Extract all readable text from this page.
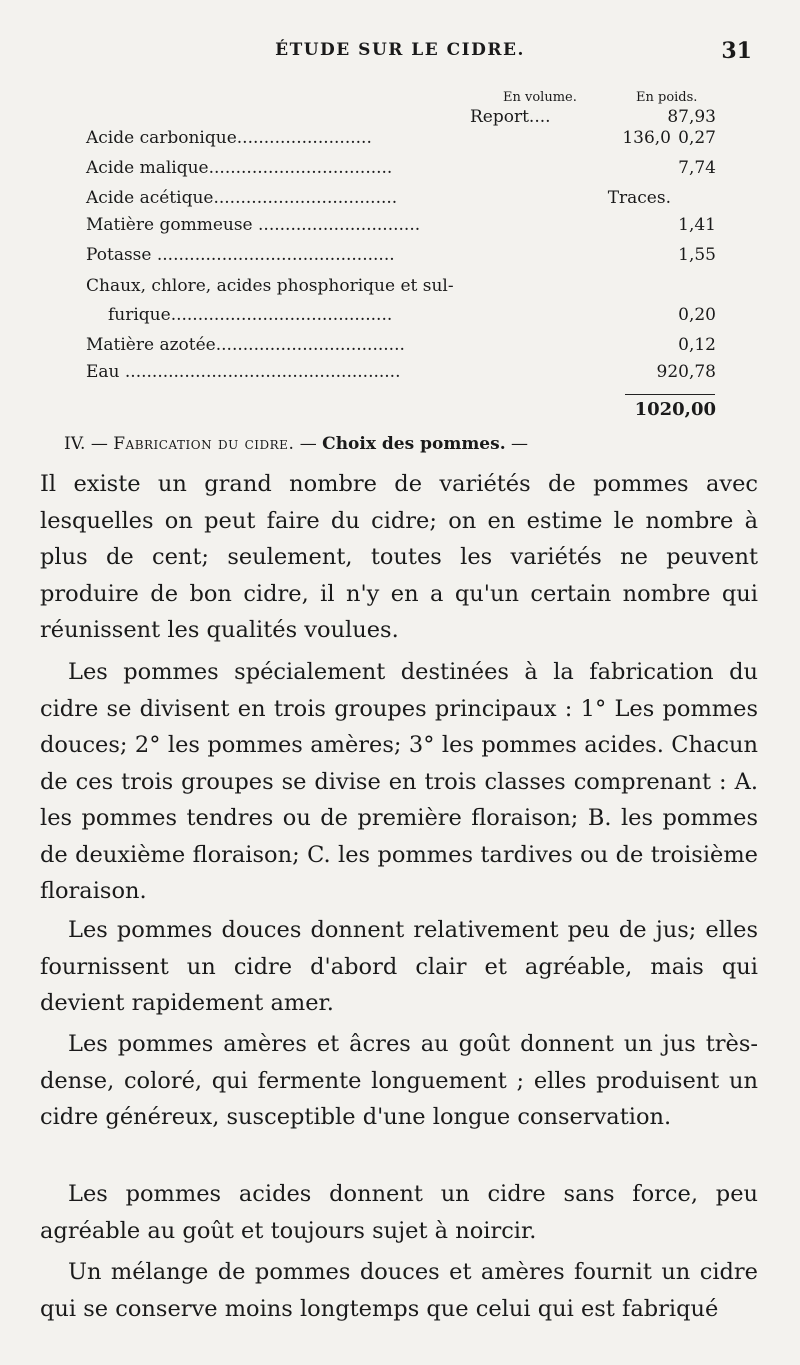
ÉTUDE SUR LE CIDRE.	31
En volume.	En poids.
Report....	87,93
Acide carbonique.........................	136,0 0,27
Acide malique..................................	7,74
Acide acétique..................................	Traces.
Matière gommeuse ..............................	1,41
Potasse ............................................	1,55
Chaux, chlore, acides phosphorique et sul-
furique.........................................	0,20
Matière azotée...................................	0,12
Eau ...................................................	920,78
1020,00
IV. — Fabrication du cidre. — Choix des pommes. —
Il existe un grand nombre de variétés de pommes avec lesquelles on peut faire du cidre; on en estime le nombre à plus de cent; seulement, toutes les variétés ne peuvent produire de bon cidre, il n'y en a qu'un certain nombre qui réunissent les qualités voulues.
Les pommes spécialement destinées à la fabrication du cidre se divisent en trois groupes principaux : 1° Les pommes douces; 2° les pommes amères; 3° les pommes acides. Chacun de ces trois groupes se divise en trois classes comprenant : A. les pommes tendres ou de première floraison; B. les pommes de deuxième floraison; C. les pommes tardives ou de troisième floraison.
Les pommes douces donnent relativement peu de jus; elles fournissent un cidre d'abord clair et agréable, mais qui devient rapidement amer.
Les pommes amères et âcres au goût donnent un jus très-dense, coloré, qui fermente longuement ; elles produisent un cidre généreux, susceptible d'une longue conservation.
Les pommes acides donnent un cidre sans force, peu agréable au goût et toujours sujet à noircir.
Un mélange de pommes douces et amères fournit un cidre qui se conserve moins longtemps que celui qui est fabriqué
